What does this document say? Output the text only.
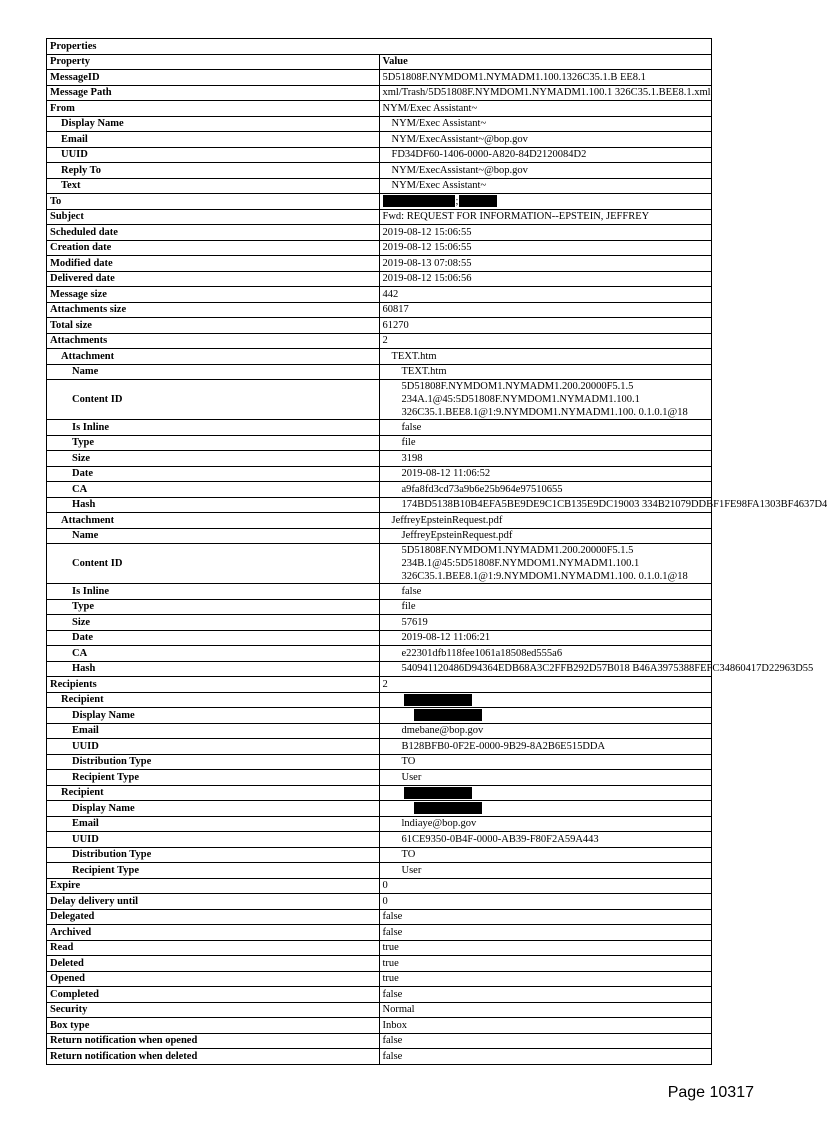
Properties	
Property	Value
MessageID	5D51808F.NYMDOM1.NYMADM1.100.1326C35.1.B EE8.1
Message Path	xml/Trash/5D51808F.NYMDOM1.NYMADM1.100.1 326C35.1.BEE8.1.xml
From	NYM/Exec Assistant~
Display Name	NYM/Exec Assistant~
Email	NYM/ExecAssistant~@bop.gov
UUID	FD34DF60-1406-0000-A820-84D2120084D2
Reply To	NYM/ExecAssistant~@bop.gov
Text	NYM/Exec Assistant~
To	;
Subject	Fwd: REQUEST FOR INFORMATION--EPSTEIN, JEFFREY
Scheduled date	2019-08-12 15:06:55
Creation date	2019-08-12 15:06:55
Modified date	2019-08-13 07:08:55
Delivered date	2019-08-12 15:06:56
Message size	442
Attachments size	60817
Total size	61270
Attachments	2
Attachment	TEXT.htm
Name	TEXT.htm
Content ID	5D51808F.NYMDOM1.NYMADM1.200.20000F5.1.5
234A.1@45:5D51808F.NYMDOM1.NYMADM1.100.1
326C35.1.BEE8.1@1:9.NYMDOM1.NYMADM1.100. 0.1.0.1@18
Is Inline	false
Type	file
Size	3198
Date	2019-08-12 11:06:52
CA	a9fa8fd3cd73a9b6e25b964e97510655
Hash	174BD5138B10B4EFA5BE9DE9C1CB135E9DC19003 334B21079DDBF1FE98FA1303BF4637D4
Attachment	JeffreyEpsteinRequest.pdf
Name	JeffreyEpsteinRequest.pdf
Content ID	5D51808F.NYMDOM1.NYMADM1.200.20000F5.1.5
234B.1@45:5D51808F.NYMDOM1.NYMADM1.100.1
326C35.1.BEE8.1@1:9.NYMDOM1.NYMADM1.100. 0.1.0.1@18
Is Inline	false
Type	file
Size	57619
Date	2019-08-12 11:06:21
CA	e22301dfb118fee1061a18508ed555a6
Hash	540941120486D94364EDB68A3C2FFB292D57B018 B46A3975388FEFC34860417D22963D55
Recipients	2
Recipient	
Display Name	
Email	dmebane@bop.gov
UUID	B128BFB0-0F2E-0000-9B29-8A2B6E515DDA
Distribution Type	TO
Recipient Type	User
Recipient	
Display Name	
Email	lndiaye@bop.gov
UUID	61CE9350-0B4F-0000-AB39-F80F2A59A443
Distribution Type	TO
Recipient Type	User
Expire	0
Delay delivery until	0
Delegated	false
Archived	false
Read	true
Deleted	true
Opened	true
Completed	false
Security	Normal
Box type	Inbox
Return notification when opened	false
Return notification when deleted	false
Page 10317
